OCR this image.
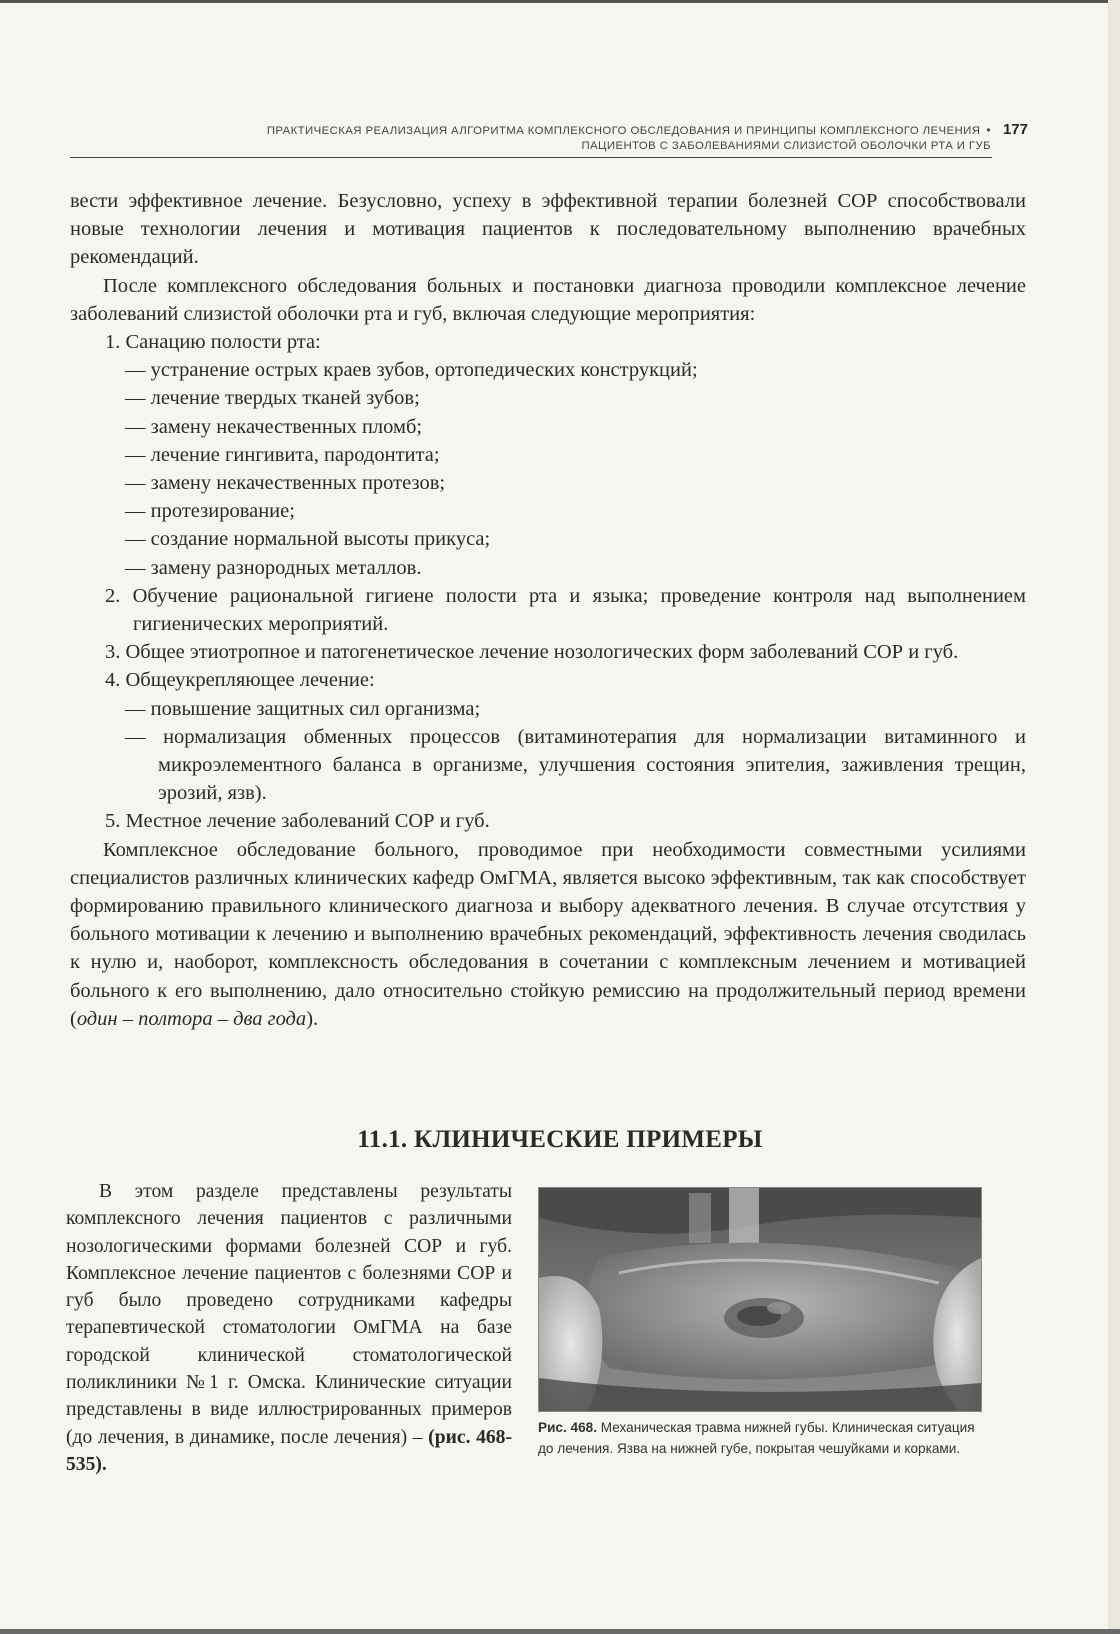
ПРАКТИЧЕСКАЯ РЕАЛИЗАЦИЯ АЛГОРИТМА КОМПЛЕКСНОГО ОБСЛЕДОВАНИЯ И ПРИНЦИПЫ КОМПЛЕКСНОГО ЛЕЧЕНИЯ • 177
ПАЦИЕНТОВ С ЗАБОЛЕВАНИЯМИ СЛИЗИСТОЙ ОБОЛОЧКИ РТА И ГУБ

вести эффективное лечение. Безусловно, успеху в эффективной терапии болезней СОР способствовали новые технологии лечения и мотивация пациентов к последовательному выполнению врачебных рекомендаций.

После комплексного обследования больных и постановки диагноза проводили комплексное лечение заболеваний слизистой оболочки рта и губ, включая следующие мероприятия:

1. Санацию полости рта:

— устранение острых краев зубов, ортопедических конструкций;

— лечение твердых тканей зубов;

— замену некачественных пломб;

— лечение гингивита, пародонтита;

— замену некачественных протезов;

— протезирование;

— создание нормальной высоты прикуса;

— замену разнородных металлов.

2. Обучение рациональной гигиене полости рта и языка; проведение контроля над выполнением гигиенических мероприятий.

3. Общее этиотропное и патогенетическое лечение нозологических форм заболеваний СОР и губ.

4. Общеукрепляющее лечение:

— повышение защитных сил организма;

— нормализация обменных процессов (витаминотерапия для нормализации витаминного и микроэлементного баланса в организме, улучшения состояния эпителия, заживления трещин, эрозий, язв).

5. Местное лечение заболеваний СОР и губ.

Комплексное обследование больного, проводимое при необходимости совместными усилиями специалистов различных клинических кафедр ОмГМА, является высоко эффективным, так как способствует формированию правильного клинического диагноза и выбору адекватного лечения. В случае отсутствия у больного мотивации к лечению и выполнению врачебных рекомендаций, эффективность лечения сводилась к нулю и, наоборот, комплексность обследования в сочетании с комплексным лечением и мотивацией больного к его выполнению, дало относительно стойкую ремиссию на продолжительный период времени (один – полтора – два года).

11.1. КЛИНИЧЕСКИЕ ПРИМЕРЫ

В этом разделе представлены результаты комплексного лечения пациентов с различными нозологическими формами болезней СОР и губ. Комплексное лечение пациентов с болезнями СОР и губ было проведено сотрудниками кафедры терапевтической стоматологии ОмГМА на базе городской клинической стоматологической поликлиники №1 г. Омска. Клинические ситуации представлены в виде иллюстрированных примеров (до лечения, в динамике, после лечения) – (рис. 468-535).

Рис. 468. Механическая травма нижней губы. Клиническая ситуация до лечения. Язва на нижней губе, покрытая чешуйками и корками.
